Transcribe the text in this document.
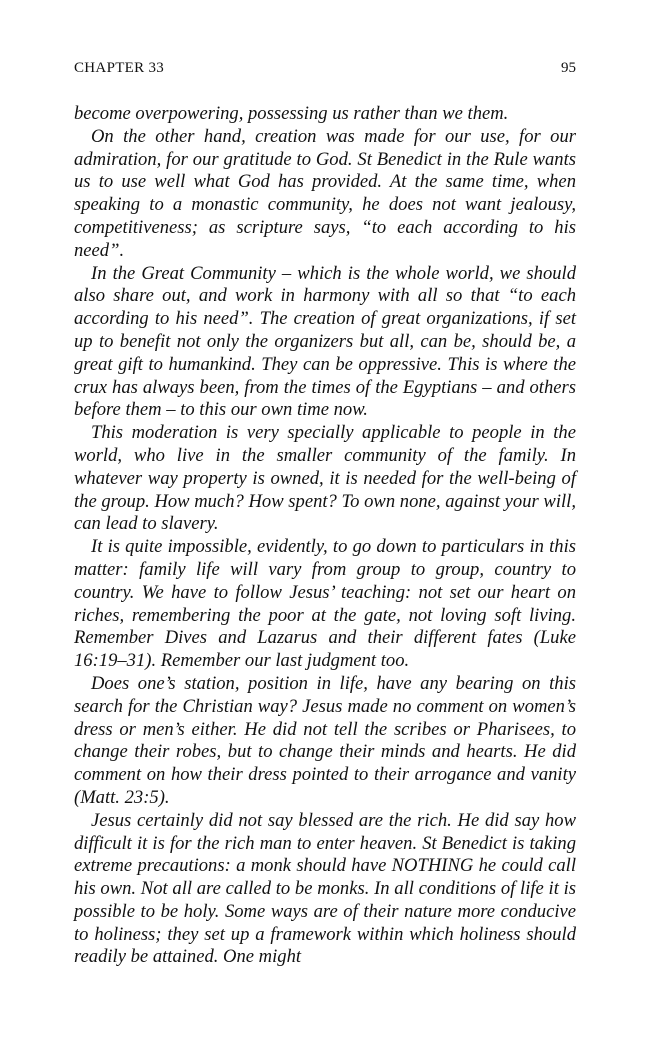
CHAPTER 33	95

become overpowering, possessing us rather than we them.

On the other hand, creation was made for our use, for our admiration, for our gratitude to God. St Benedict in the Rule wants us to use well what God has provided. At the same time, when speaking to a monastic community, he does not want jealousy, competitiveness; as scripture says, “to each according to his need”.

In the Great Community – which is the whole world, we should also share out, and work in harmony with all so that “to each according to his need”. The creation of great organizations, if set up to benefit not only the organizers but all, can be, should be, a great gift to humankind. They can be oppressive. This is where the crux has always been, from the times of the Egyptians – and others before them – to this our own time now.

This moderation is very specially applicable to people in the world, who live in the smaller community of the family. In whatever way property is owned, it is needed for the well-being of the group. How much? How spent? To own none, against your will, can lead to slavery.

It is quite impossible, evidently, to go down to particulars in this matter: family life will vary from group to group, country to country. We have to follow Jesus’ teaching: not set our heart on riches, remembering the poor at the gate, not loving soft living. Remember Dives and Lazarus and their different fates (Luke 16:19–31). Remember our last judgment too.

Does one’s station, position in life, have any bearing on this search for the Christian way? Jesus made no comment on women’s dress or men’s either. He did not tell the scribes or Pharisees, to change their robes, but to change their minds and hearts. He did comment on how their dress pointed to their arrogance and vanity (Matt. 23:5).

Jesus certainly did not say blessed are the rich. He did say how difficult it is for the rich man to enter heaven. St Benedict is taking extreme precautions: a monk should have NOTHING he could call his own. Not all are called to be monks. In all conditions of life it is possible to be holy. Some ways are of their nature more conducive to holiness; they set up a framework within which holiness should readily be attained. One might
